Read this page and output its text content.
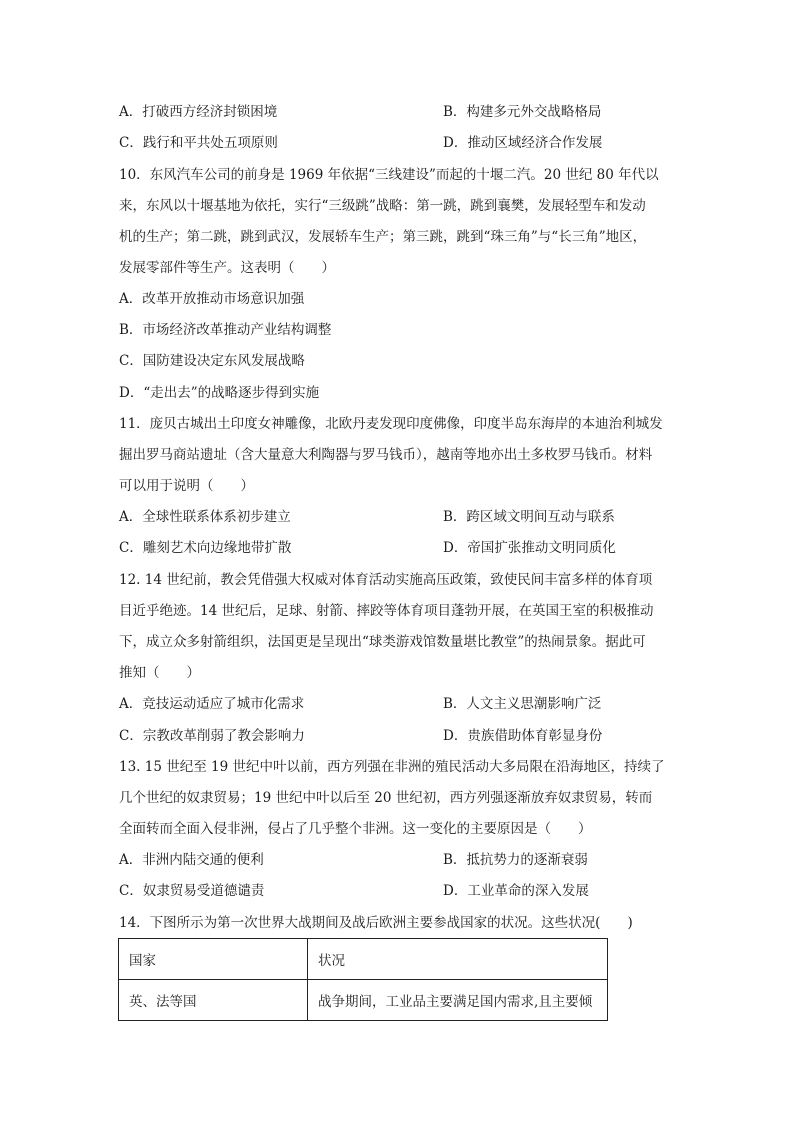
A．打破西方经济封锁困境	B．构建多元外交战略格局
C．践行和平共处五项原则	D．推动区域经济合作发展
10．东风汽车公司的前身是 1969 年依据“三线建设”而起的十堰二汽。20 世纪 80 年代以
来，东风以十堰基地为依托，实行“三级跳”战略：第一跳，跳到襄樊，发展轻型车和发动
机的生产；第二跳，跳到武汉，发展轿车生产；第三跳，跳到“珠三角”与“长三角”地区，
发展零部件等生产。这表明（　　）
A．改革开放推动市场意识加强
B．市场经济改革推动产业结构调整
C．国防建设决定东风发展战略
D．“走出去”的战略逐步得到实施
11．庞贝古城出土印度女神雕像，北欧丹麦发现印度佛像，印度半岛东海岸的本迪治利城发
掘出罗马商站遗址（含大量意大利陶器与罗马钱币），越南等地亦出土多枚罗马钱币。材料
可以用于说明（　　）
A．全球性联系体系初步建立	B．跨区域文明间互动与联系
C．雕刻艺术向边缘地带扩散	D．帝国扩张推动文明同质化
12. 14 世纪前，教会凭借强大权威对体育活动实施高压政策，致使民间丰富多样的体育项
目近乎绝迹。14 世纪后，足球、射箭、摔跤等体育项目蓬勃开展，在英国王室的积极推动
下，成立众多射箭组织，法国更是呈现出“球类游戏馆数量堪比教堂”的热闹景象。据此可
推知（　　）
A．竞技运动适应了城市化需求	B．人文主义思潮影响广泛
C．宗教改革削弱了教会影响力	D．贵族借助体育彰显身份
13. 15 世纪至 19 世纪中叶以前，西方列强在非洲的殖民活动大多局限在沿海地区，持续了
几个世纪的奴隶贸易；19 世纪中叶以后至 20 世纪初，西方列强逐渐放弃奴隶贸易，转而
全面转而全面入侵非洲，侵占了几乎整个非洲。这一变化的主要原因是（　　）
A．非洲内陆交通的便利	B．抵抗势力的逐渐衰弱
C．奴隶贸易受道德谴责	D．工业革命的深入发展
14．下图所示为第一次世界大战期间及战后欧洲主要参战国家的状况。这些状况(　　)
国家	状况
英、法等国	战争期间，工业品主要满足国内需求,且主要倾
